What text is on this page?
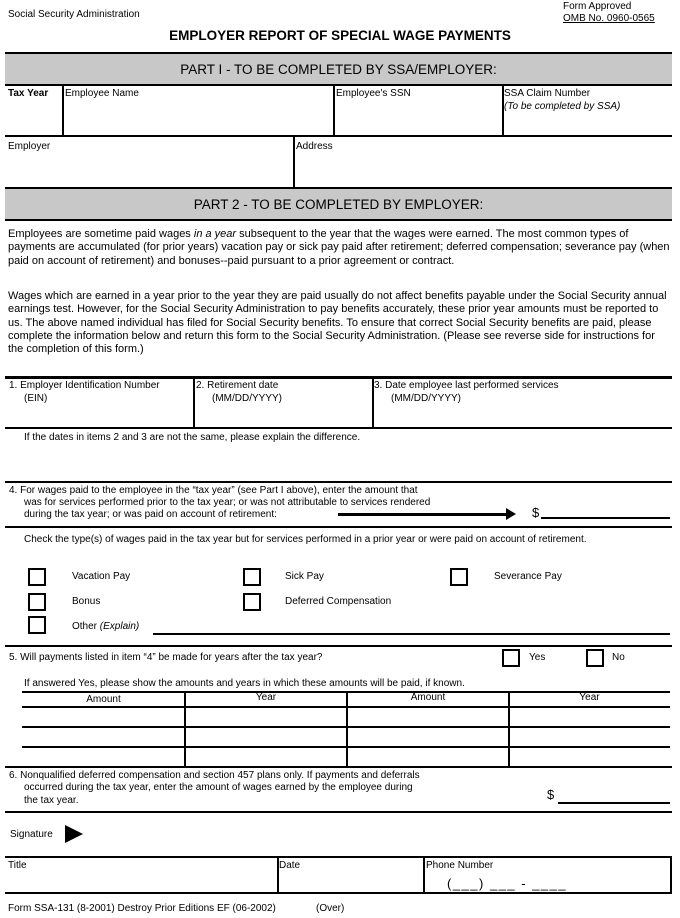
Social Security Administration
Form Approved
OMB No. 0960-0565
EMPLOYER REPORT OF SPECIAL WAGE PAYMENTS
PART I - TO BE COMPLETED BY SSA/EMPLOYER:
Tax Year Employee Name	Employee's SSN	SSA Claim Number
(To be completed by SSA)
Employer	Address
PART 2 - TO BE COMPLETED BY EMPLOYER:
Employees are sometime paid wages in a year subsequent to the year that the wages were earned. The most common types of payments are accumulated (for prior years) vacation pay or sick pay paid after retirement; deferred compensation; severance pay (when paid on account of retirement) and bonuses--paid pursuant to a prior agreement or contract.
Wages which are earned in a year prior to the year they are paid usually do not affect benefits payable under the Social Security annual earnings test. However, for the Social Security Administration to pay benefits accurately, these prior year amounts must be reported to us. The above named individual has filed for Social Security benefits. To ensure that correct Social Security benefits are paid, please complete the information below and return this form to the Social Security Administration. (Please see reverse side for instructions for the completion of this form.)
1. Employer Identification Number
(EIN)
2. Retirement date
(MM/DD/YYYY)
3. Date employee last performed services
(MM/DD/YYYY)
If the dates in items 2 and 3 are not the same, please explain the difference.
4. For wages paid to the employee in the “tax year” (see Part I above), enter the amount that
was for services performed prior to the tax year; or was not attributable to services rendered
during the tax year; or was paid on account of retirement:	$
Check the type(s) of wages paid in the tax year but for services performed in a prior year or were paid on account of retirement.
Vacation Pay	Sick Pay	Severance Pay
Bonus	Deferred Compensation
Other (Explain)
5. Will payments listed in item “4” be made for years after the tax year?	Yes	No
If answered Yes, please show the amounts and years in which these amounts will be paid, if known.
Amount	Year	Amount	Year
6. Nonqualified deferred compensation and section 457 plans only. If payments and deferrals
occurred during the tax year, enter the amount of wages earned by the employee during
the tax year.	$
Signature
Title	Date	Phone Number
(___) ___ - ____
Form SSA-131 (8-2001) Destroy Prior Editions EF (06-2002)	(Over)
